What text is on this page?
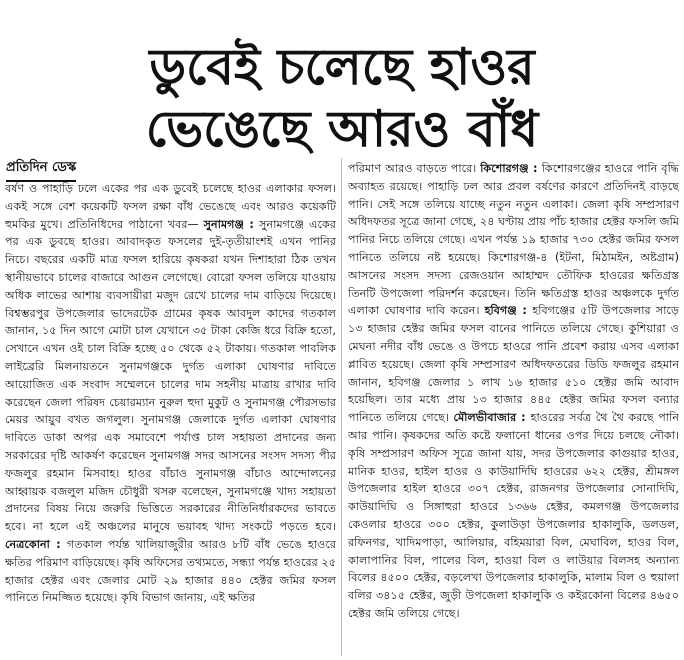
ডুবেই চলেছে হাওর
ভেঙেছে আরও বাঁধ
প্রতিদিন ডেস্ক

বর্ষণ ও পাহাড়ি ঢলে একের পর এক ডুবেই চলেছে হাওর এলাকার ফসল। একই সঙ্গে বেশ কয়েকটি ফসল রক্ষা বাঁধ ভেঙেছে এবং আরও কয়েকটি হুমকির মুখে। প্রতিনিধিদের পাঠানো খবর— সুনামগঞ্জ : সুনামগঞ্জে একের পর এক ডুবছে হাওর। আবাদকৃত ফসলের দুই-তৃতীয়াংশই এখন পানির নিচে। বছরের একটি মাত্র ফসল হারিয়ে কৃষকরা যখন দিশাহারা ঠিক তখন স্থানীয়ভাবে চালের বাজারে আগুন লেগেছে। বোরো ফসল তলিয়ে যাওয়ায় অধিক লাভের আশায় ব্যবসায়ীরা মজুদ রেখে চালের দাম বাড়িয়ে দিয়েছে। বিশ্বম্ভরপুর উপজেলার ভাদেরটেক গ্রামের কৃষক আবদুল কাদের গতকাল জানান, ১৫ দিন আগে মোটা চাল যেখানে ৩৫ টাকা কেজি ধরে বিক্রি হতো, সেখানে এখন ওই চাল বিক্রি হচ্ছে ৫০ থেকে ৫২ টাকায়। গতকাল পাবলিক লাইব্রেরি মিলনায়তনে সুনামগঞ্জকে দুর্গত এলাকা ঘোষণার দাবিতে আয়োজিত এক সংবাদ সম্মেলনে চালের দাম সহনীয় মাত্রায় রাখার দাবি করেছেন জেলা পরিষদ চেয়ারম্যান নুরুল হুদা মুকুট ও সুনামগঞ্জ পৌরসভার মেয়র আয়ুব বখত জগলুল। সুনামগঞ্জ জেলাকে দুর্গত এলাকা ঘোষণার দাবিতে ডাকা অপর এক সমাবেশে পর্যাপ্ত চাল সহায়তা প্রদানের জন্য সরকারের দৃষ্টি আকর্ষণ করেছেন সুনামগঞ্জ সদর আসনের সংসদ সদস্য পীর ফজলুর রহমান মিসবাহ। হাওর বাঁচাও সুনামগঞ্জ বাঁচাও আন্দোলনের আহ্বায়ক বজলুল মজিদ চৌধুরী খসরু বলেছেন, সুনামগঞ্জে খাদ্য সহায়তা প্রদানের বিষয় নিয়ে জরুরি ভিত্তিতে সরকারের নীতিনির্ধারকদের ভাবতে হবে। না হলে এই অঞ্চলের মানুষে ভয়াবহ খাদ্য সংকটে পড়তে হবে। নেত্রকোনা : গতকাল পর্যন্ত খালিয়াজুরীর আরও ৮টি বাঁধ ভেঙে হাওরে ক্ষতির পরিমাণ বাড়িয়েছে। কৃষি অফিসের তথ্যমতে, সন্ধ্যা পর্যন্ত হাওরের ২৫ হাজার হেক্টর এবং জেলার মোট ২৯ হাজার ৪৪০ হেক্টর জমির ফসল পানিতে নিমজ্জিত হয়েছে। কৃষি বিভাগ জানায়, এই ক্ষতির

পরিমাণ আরও বাড়তে পারে। কিশোরগঞ্জ : কিশোরগঞ্জের হাওরে পানি বৃদ্ধি অব্যাহত রয়েছে। পাহাড়ি ঢল আর প্রবল বর্ষণের কারণে প্রতিদিনই বাড়ছে পানি। সেই সঙ্গে তলিয়ে যাচ্ছে নতুন নতুন এলাকা। জেলা কৃষি সম্প্রসারণ অধিদফতর সূত্রে জানা গেছে, ২৪ ঘণ্টায় প্রায় পাঁচ হাজার হেক্টর ফসলি জমি পানির নিচে তলিয়ে গেছে। এখন পর্যন্ত ১৯ হাজার ৭৩০ হেক্টর জমির ফসল পানিতে তলিয়ে নষ্ট হয়েছে। কিশোরগঞ্জ-৪ (ইটনা, মিঠামইন, অষ্টগ্রাম) আসনের সংসদ সদস্য রেজওয়ান আহাম্মদ তৌফিক হাওরের ক্ষতিগ্রস্ত তিনটি উপজেলা পরিদর্শন করেছেন। তিনি ক্ষতিগ্রস্ত হাওর অঞ্চলকে দুর্গত এলাকা ঘোষণার দাবি করেন। হবিগঞ্জ : হবিগঞ্জের ৫টি উপজেলার সাড়ে ১৩ হাজার হেক্টর জমির ফসল বানের পানিতে তলিয়ে গেছে। কুশিয়ারা ও মেঘনা নদীর বাঁধ ভেঙে ও উপচে হাওরে পানি প্রবেশ করায় এসব এলাকা প্লাবিত হয়েছে। জেলা কৃষি সম্প্রসারণ অধিদফতরের ডিডি ফজলুর রহমান জানান, হবিগঞ্জ জেলার ১ লাখ ১৬ হাজার ৫১০ হেক্টর জমি আবাদ হয়েছিল। তার মধ্যে প্রায় ১৩ হাজার ৪৪৫ হেক্টর জমির ফসল বন্যার পানিতে তলিয়ে গেছে। মৌলভীবাজার : হাওরের সর্বত্র থৈ থৈ করছে পানি আর পানি। কৃষকদের অতি কষ্টে ফলানো ধানের ওপর দিয়ে চলছে নৌকা। কৃষি সম্প্রসারণ অফিস সূত্রে জানা যায়, সদর উপজেলার কাগুয়ার হাওর, মানিক হাওর, হাইল হাওর ও কাউয়াদিঘি হাওরের ৬২২ হেক্টর, শ্রীমঙ্গল উপজেলার হাইল হাওরে ৩০৭ হেক্টর, রাজনগর উপজেলার সোনাদিঘি, কাউয়াদিঘি ও সিঙ্গাহুরা হাওরে ১৩৬৬ হেক্টর, কমলগঞ্জ উপজেলার কেওলার হাওরে ৩০০ হেক্টর, কুলাউড়া উপজেলার হাকালুকি, ডলডল, রফিনগর, খাদিমপাড়া, আলিয়ার, বহিময়ারা বিল, মেঘাবিল, হাওর বিল, কালাপানির বিল, পালের বিল, হাওয়া বিল ও লাউয়ার বিলসহ অন্যান্য বিলের ৪৫০০ হেক্টর, বড়লেখা উপজেলার হাকালুকি, মালাম বিল ও হুয়ালা বলির ৩৪১৫ হেক্টর, জুড়ী উপজেলা হাকালুকি ও কইরকোনা বিলের ৪৬৫০ হেক্টর জমি তলিয়ে গেছে।
